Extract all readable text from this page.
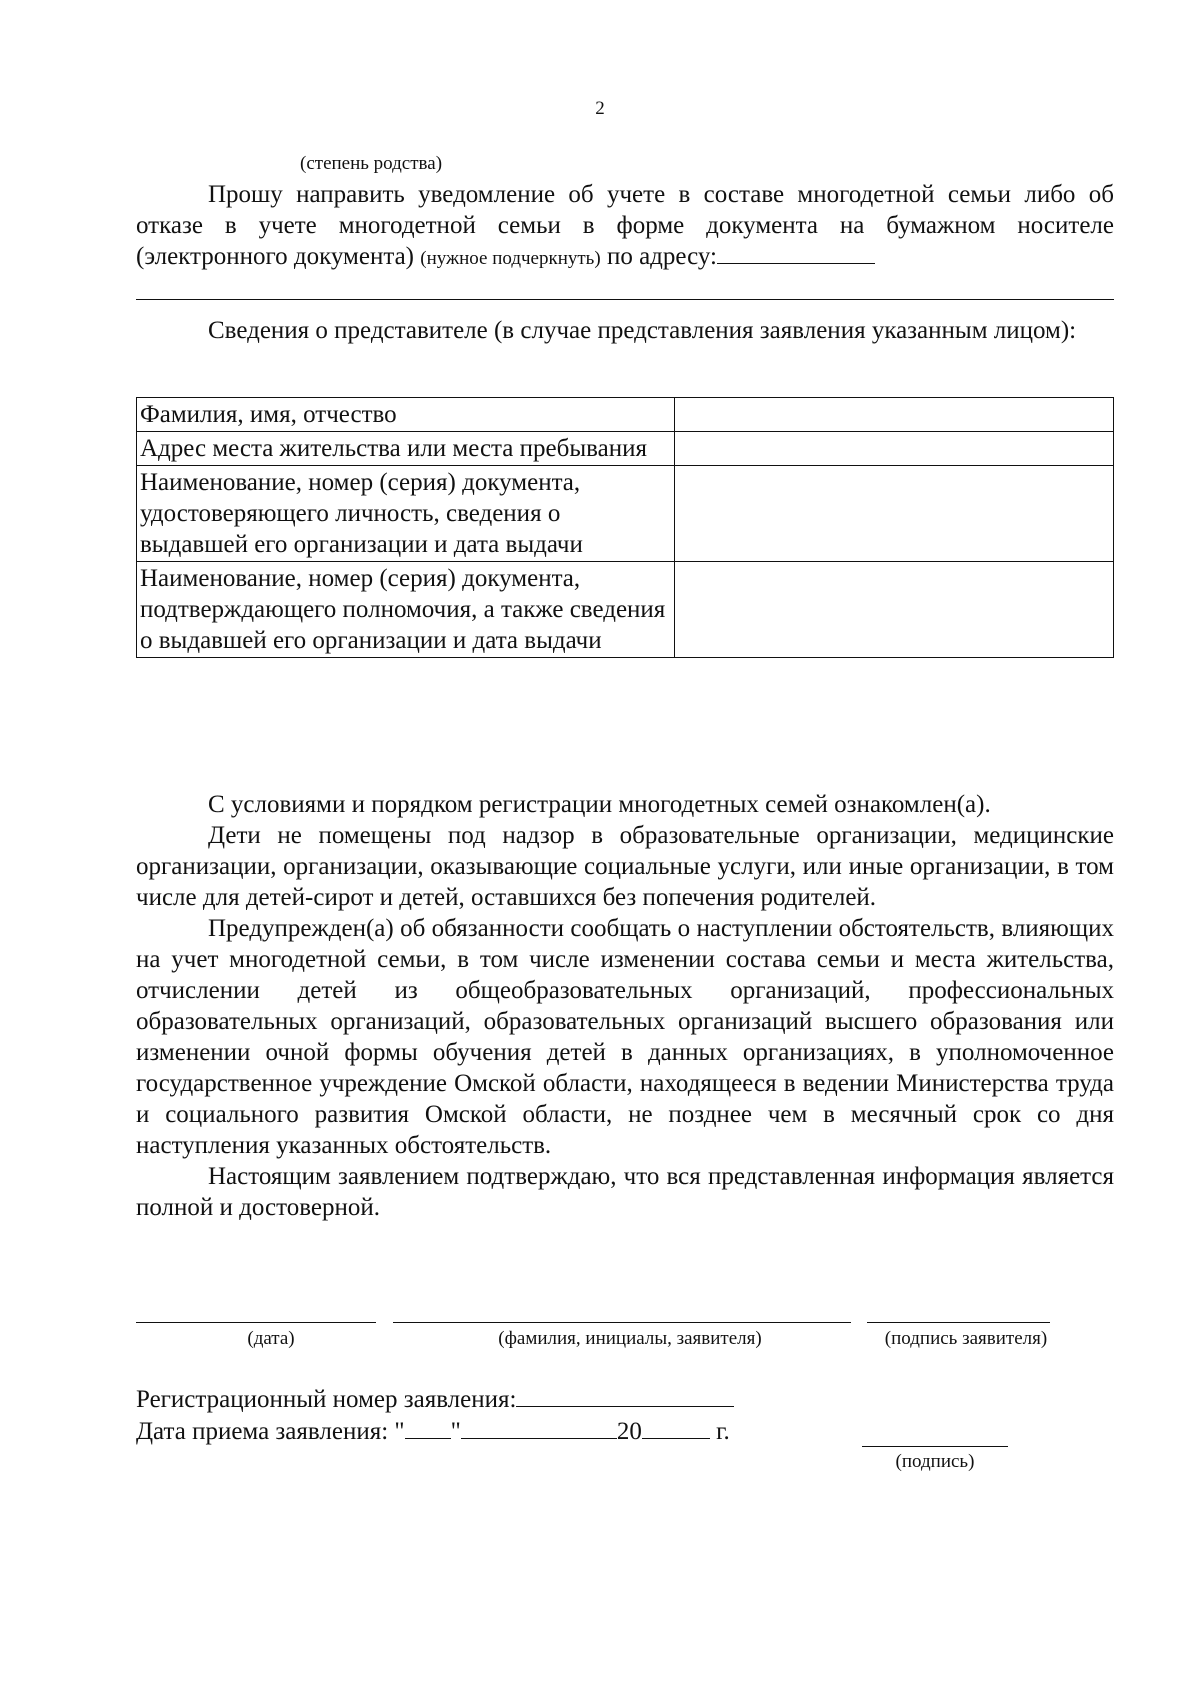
2
(степень родства)
Прошу направить уведомление об учете в составе многодетной семьи либо об отказе в учете многодетной семьи в форме документа на бумажном носителе (электронного документа) (нужное подчеркнуть) по адресу:
Сведения о представителе (в случае представления заявления указанным лицом):
Фамилия, имя, отчество	
Адрес места жительства или места пребывания	
Наименование, номер (серия) документа, удостоверяющего личность, сведения о выдавшей его организации и дата выдачи	
Наименование, номер (серия) документа, подтверждающего полномочия, а также сведения о выдавшей его организации и дата выдачи	
С условиями и порядком регистрации многодетных семей ознакомлен(а).
Дети не помещены под надзор в образовательные организации, медицинские организации, организации, оказывающие социальные услуги, или иные организации, в том числе для детей-сирот и детей, оставшихся без попечения родителей.
Предупрежден(а) об обязанности сообщать о наступлении обстоятельств, влияющих на учет многодетной семьи, в том числе изменении состава семьи и места жительства, отчислении детей из общеобразовательных организаций, профессиональных образовательных организаций, образовательных организаций высшего образования или изменении очной формы обучения детей в данных организациях, в уполномоченное государственное учреждение Омской области, находящееся в ведении Министерства труда и социального развития Омской области, не позднее чем в месячный срок со дня наступления указанных обстоятельств.
Настоящим заявлением подтверждаю, что вся представленная информация является полной и достоверной.
(дата)	(фамилия, инициалы, заявителя)	(подпись заявителя)
Регистрационный номер заявления:
Дата приема заявления: " "	20	г.
(подпись)
